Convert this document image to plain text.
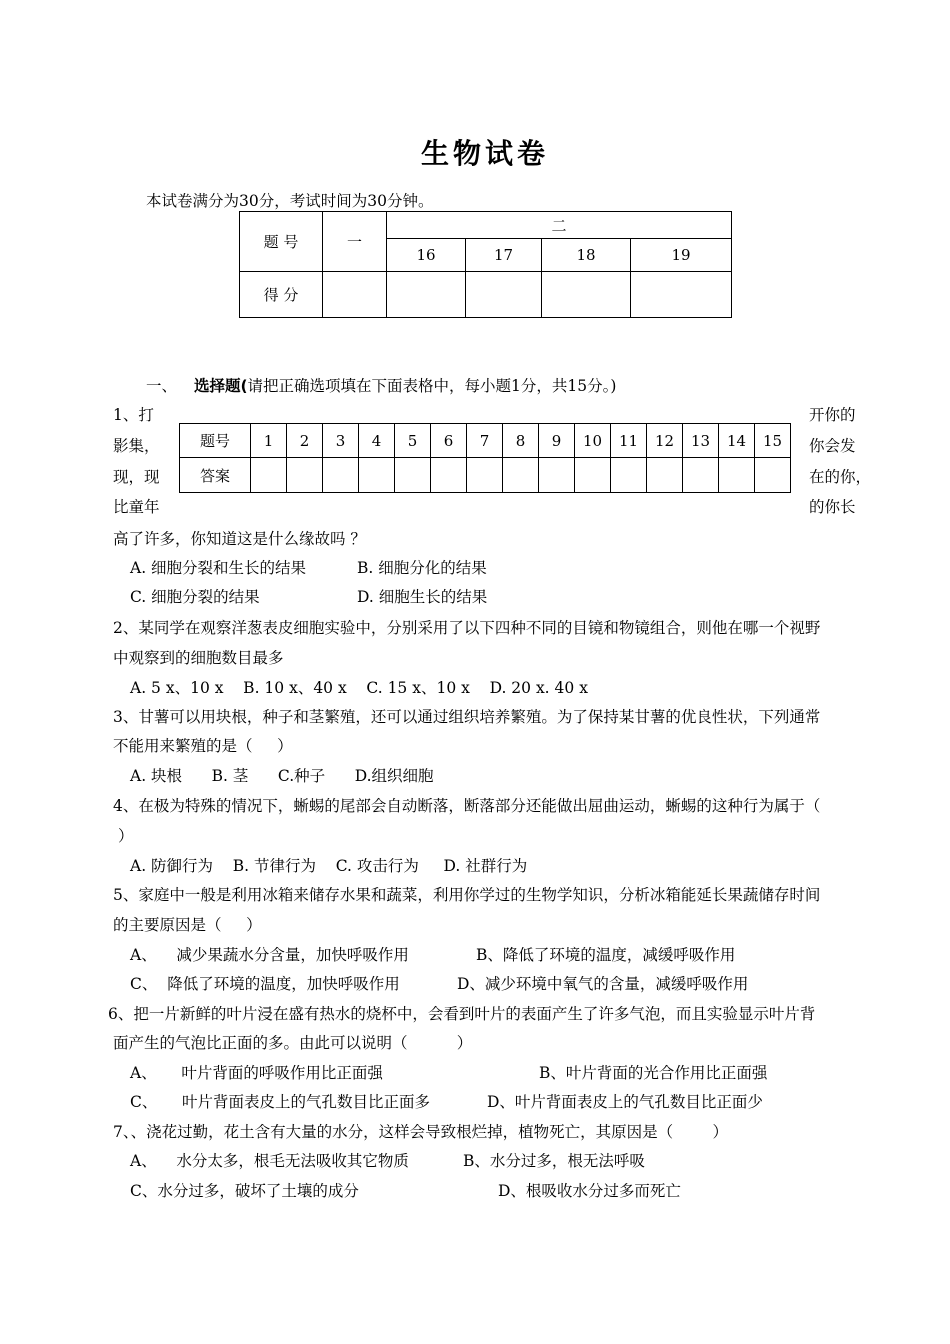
生物试卷
本试卷满分为30分，考试时间为30分钟。
题 号	一	二			
		16	17	18	19
得 分					
一、 选择题(请把正确选项填在下面表格中，每小题1分，共15分。)
1、打
影集，
现，现
比童年
开你的
你会发
在的你，
的你长
题号	1	2	3	4	5	6	7	8	9	10	11	12	13	14	15
答案															
高了许多，你知道这是什么缘故吗 ？
A. 细胞分裂和生长的结果	B. 细胞分化的结果
C. 细胞分裂的结果	D. 细胞生长的结果
2、某同学在观察洋葱表皮细胞实验中，分别采用了以下四种不同的目镜和物镜组合，则他在哪一个视野
中观察到的细胞数目最多
A. 5 x、10 x    B. 10 x、40 x    C. 15 x、10 x    D. 20 x. 40 x
3、甘薯可以用块根，种子和茎繁殖，还可以通过组织培养繁殖。为了保持某甘薯的优良性状，下列通常
不能用来繁殖的是（     ）
A. 块根      B. 茎      C.种子      D.组织细胞
4、在极为特殊的情况下，蜥蜴的尾部会自动断落，断落部分还能做出屈曲运动，蜥蜴的这种行为属于（
）
A. 防御行为    B. 节律行为    C. 攻击行为     D. 社群行为
5、家庭中一般是利用冰箱来储存水果和蔬菜，利用你学过的生物学知识，分析冰箱能延长果蔬储存时间
的主要原因是（     ）
A、    减少果蔬水分含量，加快呼吸作用	B、降低了环境的温度，减缓呼吸作用
C、  降低了环境的温度，加快呼吸作用	D、减少环境中氧气的含量，减缓呼吸作用
6、把一片新鲜的叶片浸在盛有热水的烧杯中，会看到叶片的表面产生了许多气泡，而且实验显示叶片背
面产生的气泡比正面的多。由此可以说明（          ）
A、     叶片背面的呼吸作用比正面强	B、叶片背面的光合作用比正面强
C、     叶片背面表皮上的气孔数目比正面多	D、叶片背面表皮上的气孔数目比正面少
7、、浇花过勤，花土含有大量的水分，这样会导致根烂掉，植物死亡，其原因是（        ）
A、    水分太多，根毛无法吸收其它物质	B、水分过多，根无法呼吸
C、水分过多，破坏了土壤的成分	D、根吸收水分过多而死亡
